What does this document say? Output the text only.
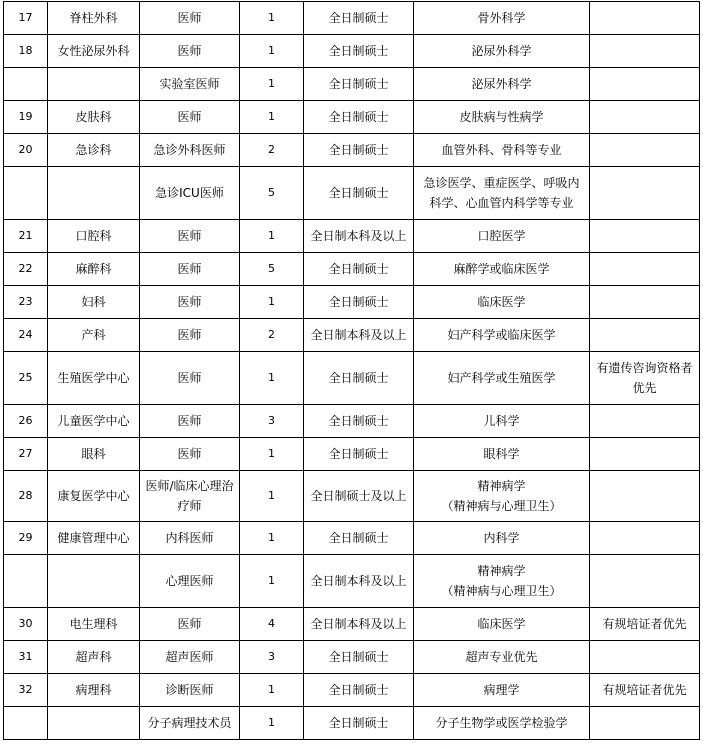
17	脊柱外科	医师	1	全日制硕士	骨外科学	

18	女性泌尿外科	医师	1	全日制硕士	泌尿外科学	

		实验室医师	1	全日制硕士	泌尿外科学	

19	皮肤科	医师	1	全日制硕士	皮肤病与性病学	

20	急诊科	急诊外科医师	2	全日制硕士	血管外科、骨科等专业	

		急诊ICU医师	5	全日制硕士	急诊医学、重症医学、呼吸内
科学、心血管内科学等专业	

21	口腔科	医师	1	全日制本科及以上	口腔医学	

22	麻醉科	医师	5	全日制硕士	麻醉学或临床医学	

23	妇科	医师	1	全日制硕士	临床医学	

24	产科	医师	2	全日制本科及以上	妇产科学或临床医学	

25	生殖医学中心	医师	1	全日制硕士	妇产科学或生殖医学	有遗传咨询资格者
优先

26	儿童医学中心	医师	3	全日制硕士	儿科学	

27	眼科	医师	1	全日制硕士	眼科学	

28	康复医学中心	医师/临床心理治疗师	1	全日制硕士及以上	精神病学
（精神病与心理卫生）	

29	健康管理中心	内科医师	1	全日制硕士	内科学	

		心理医师	1	全日制本科及以上	精神病学
（精神病与心理卫生）	

30	电生理科	医师	4	全日制本科及以上	临床医学	有规培证者优先

31	超声科	超声医师	3	全日制硕士	超声专业优先	

32	病理科	诊断医师	1	全日制硕士	病理学	有规培证者优先

		分子病理技术员	1	全日制硕士	分子生物学或医学检验学	
